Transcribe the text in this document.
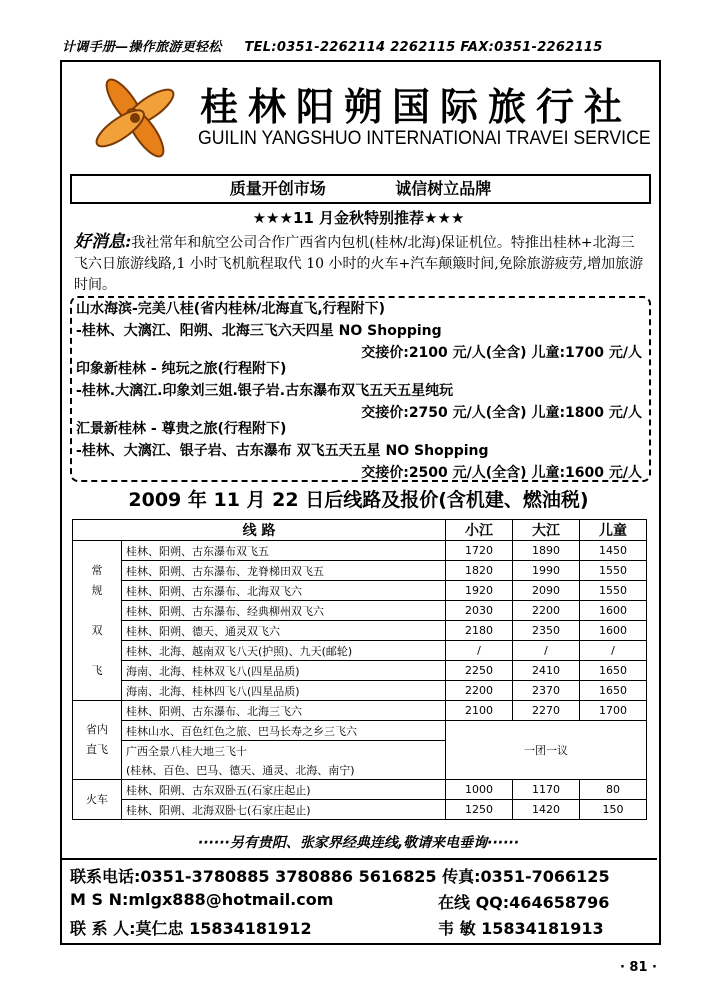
计调手册—操作旅游更轻松 TEL:0351-2262114 2262115 FAX:0351-2262115
桂林阳朔国际旅行社
GUILIN YANGSHUO INTERNATIONAI TRAVEI SERVICE
质量开创市场	诚信树立品牌
★★★11 月金秋特别推荐★★★
好消息:我社常年和航空公司合作广西省内包机(桂林/北海)保证机位。特推出桂林+北海三飞六日旅游线路,1 小时飞机航程取代 10 小时的火车+汽车颠簸时间,免除旅游疲劳,增加旅游时间。
山水海滨-完美八桂(省内桂林/北海直飞,行程附下)
-桂林、大漓江、阳朔、北海三飞六天四星 NO Shopping
交接价:2100 元/人(全含) 儿童:1700 元/人
印象新桂林 - 纯玩之旅(行程附下)
-桂林.大漓江.印象刘三姐.银子岩.古东瀑布双飞五天五星纯玩
交接价:2750 元/人(全含) 儿童:1800 元/人
汇景新桂林 - 尊贵之旅(行程附下)
-桂林、大漓江、银子岩、古东瀑布 双飞五天五星 NO Shopping
交接价:2500 元/人(全含) 儿童:1600 元/人
2009 年 11 月 22 日后线路及报价(含机建、燃油税)
线 路		小江	大江	儿童
常
规

双

飞	桂林、阳朔、古东瀑布双飞五	1720	1890	1450
	桂林、阳朔、古东瀑布、龙脊梯田双飞五	1820	1990	1550
	桂林、阳朔、古东瀑布、北海双飞六	1920	2090	1550
	桂林、阳朔、古东瀑布、经典柳州双飞六	2030	2200	1600
	桂林、阳朔、德天、通灵双飞六	2180	2350	1600
	桂林、北海、越南双飞八天(护照)、九天(邮轮)	/	/	/
	海南、北海、桂林双飞八(四星品质)	2250	2410	1650
	海南、北海、桂林四飞八(四星品质)	2200	2370	1650
省内
直飞	桂林、阳朔、古东瀑布、北海三飞六	2100	2270	1700
	桂林山水、百色红色之旅、巴马长寿之乡三飞六	一团一议		
	广西全景八桂大地三飞十			
	(桂林、百色、巴马、德天、通灵、北海、南宁)			
火车	桂林、阳朔、古东双卧五(石家庄起止)	1000	1170	80
	桂林、阳朔、北海双卧七(石家庄起止)	1250	1420	150
······另有贵阳、张家界经典连线,敬请来电垂询······
联系电话:0351-3780885 3780886 5616825 传真:0351-7066125
M S N:mlgx888@hotmail.com	在线 QQ:464658796
联 系 人:莫仁忠 15834181912	韦 敏 15834181913
· 81 ·
